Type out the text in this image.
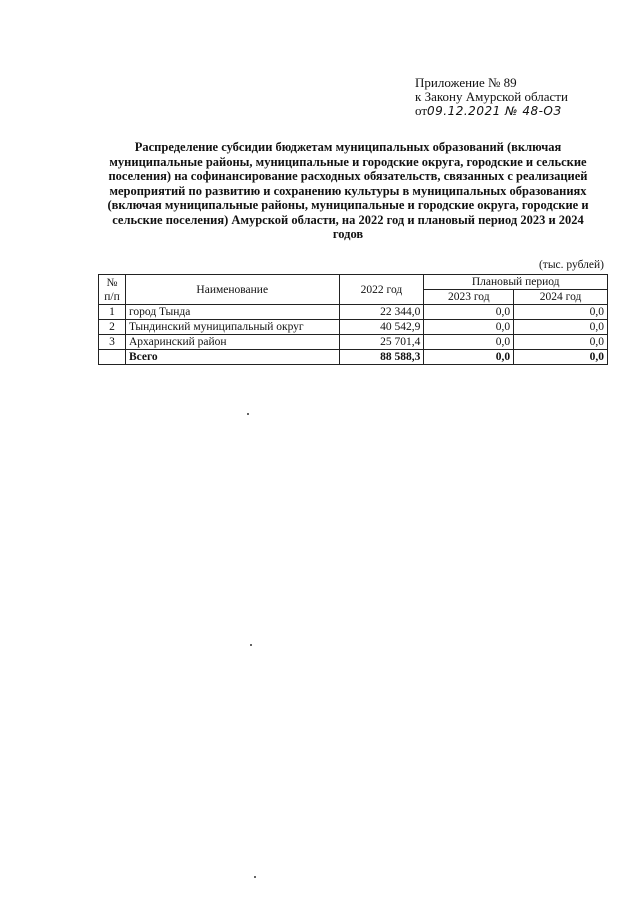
Приложение № 89
к Закону Амурской области
от09.12.2021 № 48-ОЗ
Распределение субсидии бюджетам муниципальных образований (включая муниципальные районы, муниципальные и городские округа, городские и сельские поселения) на софинансирование расходных обязательств, связанных с реализацией мероприятий по развитию и сохранению культуры в муниципальных образованиях (включая муниципальные районы, муниципальные и городские округа, городские и сельские поселения) Амурской области, на 2022 год и плановый период 2023 и 2024 годов
(тыс. рублей)
№
п/п	Наименование	2022 год	Плановый период	
			2023 год	2024 год
1	город Тында	22 344,0	0,0	0,0
2	Тындинский муниципальный округ	40 542,9	0,0	0,0
3	Архаринский район	25 701,4	0,0	0,0
	Всего	88 588,3	0,0	0,0
